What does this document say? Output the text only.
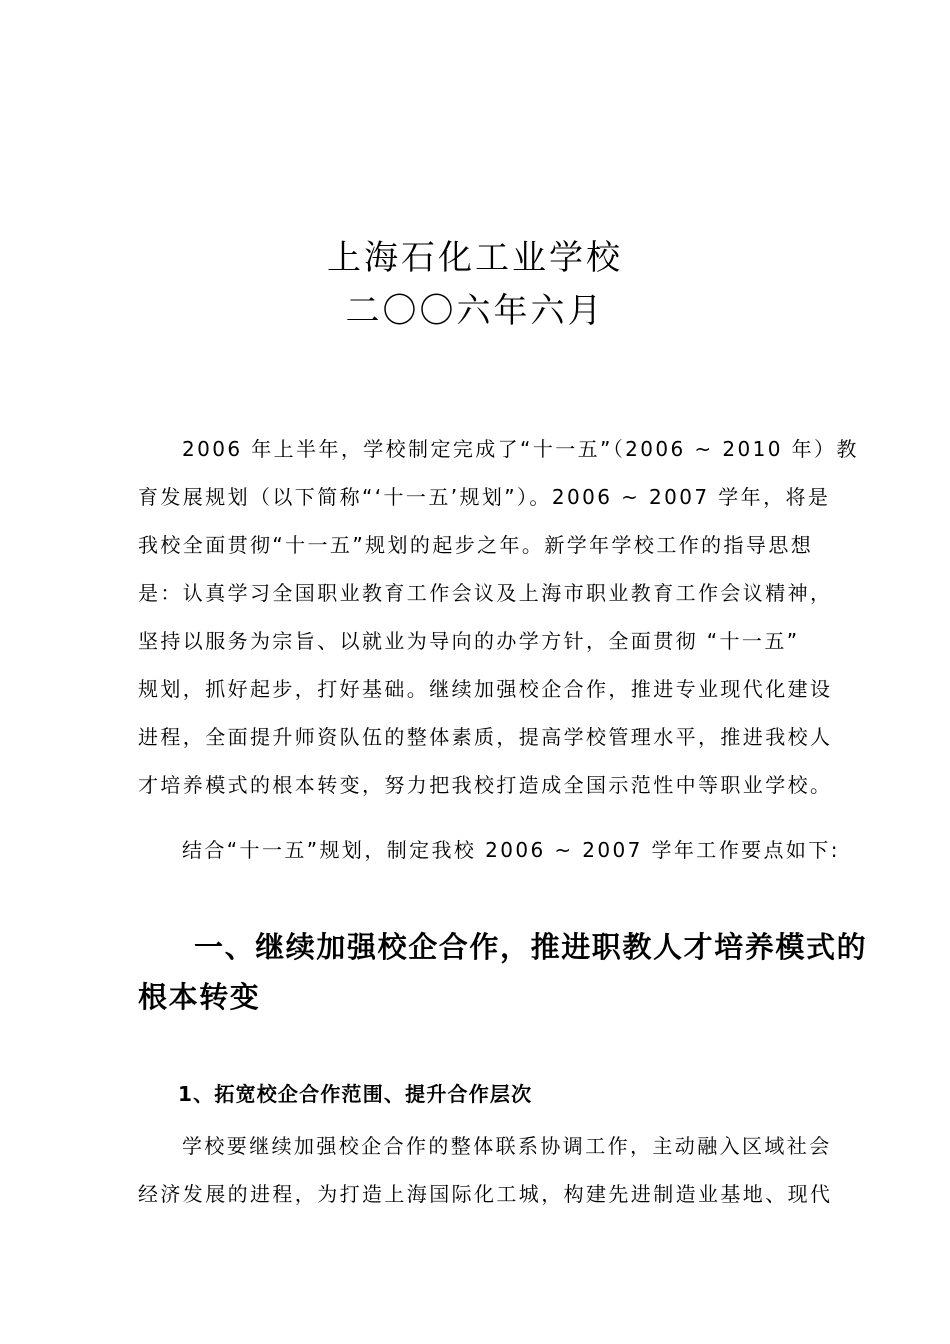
上海石化工业学校
二〇〇六年六月
2006 年上半年，学校制定完成了“十一五”（2006 ~ 2010 年）教
育发展规划（以下简称“‘十一五’规划”）。2006 ~ 2007 学年，将是
我校全面贯彻“十一五”规划的起步之年。新学年学校工作的指导思想
是：认真学习全国职业教育工作会议及上海市职业教育工作会议精神，
坚持以服务为宗旨、以就业为导向的办学方针，全面贯彻 “十一五”
规划，抓好起步，打好基础。继续加强校企合作，推进专业现代化建设
进程，全面提升师资队伍的整体素质，提高学校管理水平，推进我校人
才培养模式的根本转变，努力把我校打造成全国示范性中等职业学校。

结合“十一五”规划，制定我校 2006 ~ 2007 学年工作要点如下:

一、继续加强校企合作，推进职教人才培养模式的
根本转变
1、拓宽校企合作范围、提升合作层次
学校要继续加强校企合作的整体联系协调工作，主动融入区域社会
经济发展的进程，为打造上海国际化工城，构建先进制造业基地、现代
